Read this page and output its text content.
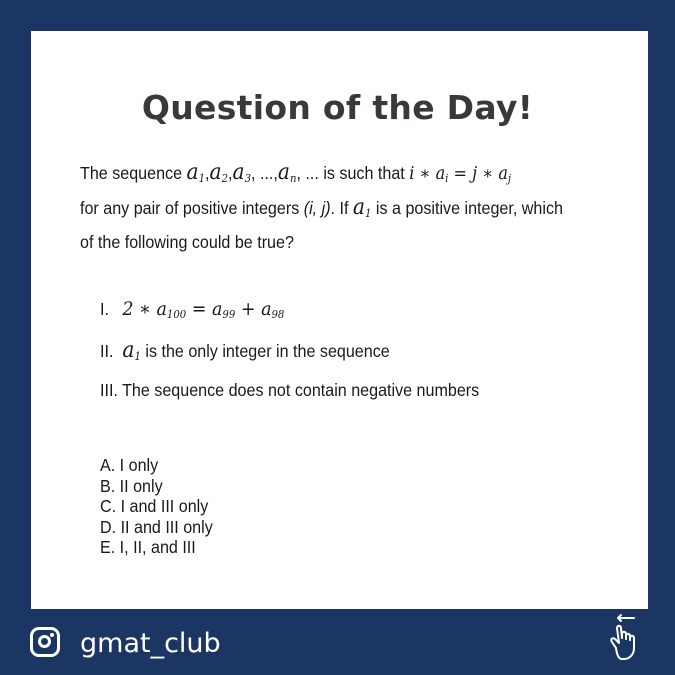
Question of the Day!
The sequence $a_1,a_2,a_3$, $...,a_n$, ... is such that i ∗ $a_i = j$ ∗ $a_j$
for any pair of positive integers (i, j). If $a_1$ is a positive integer, which of the following could be true?
I. 2 ∗ $a_{100} = a_{99} + a_{98}$
II. $a_1$ is the only integer in the sequence
III. The sequence does not contain negative numbers
A. I only
B. II only
C. I and III only
D. II and III only
E. I, II, and III
gmat_club
